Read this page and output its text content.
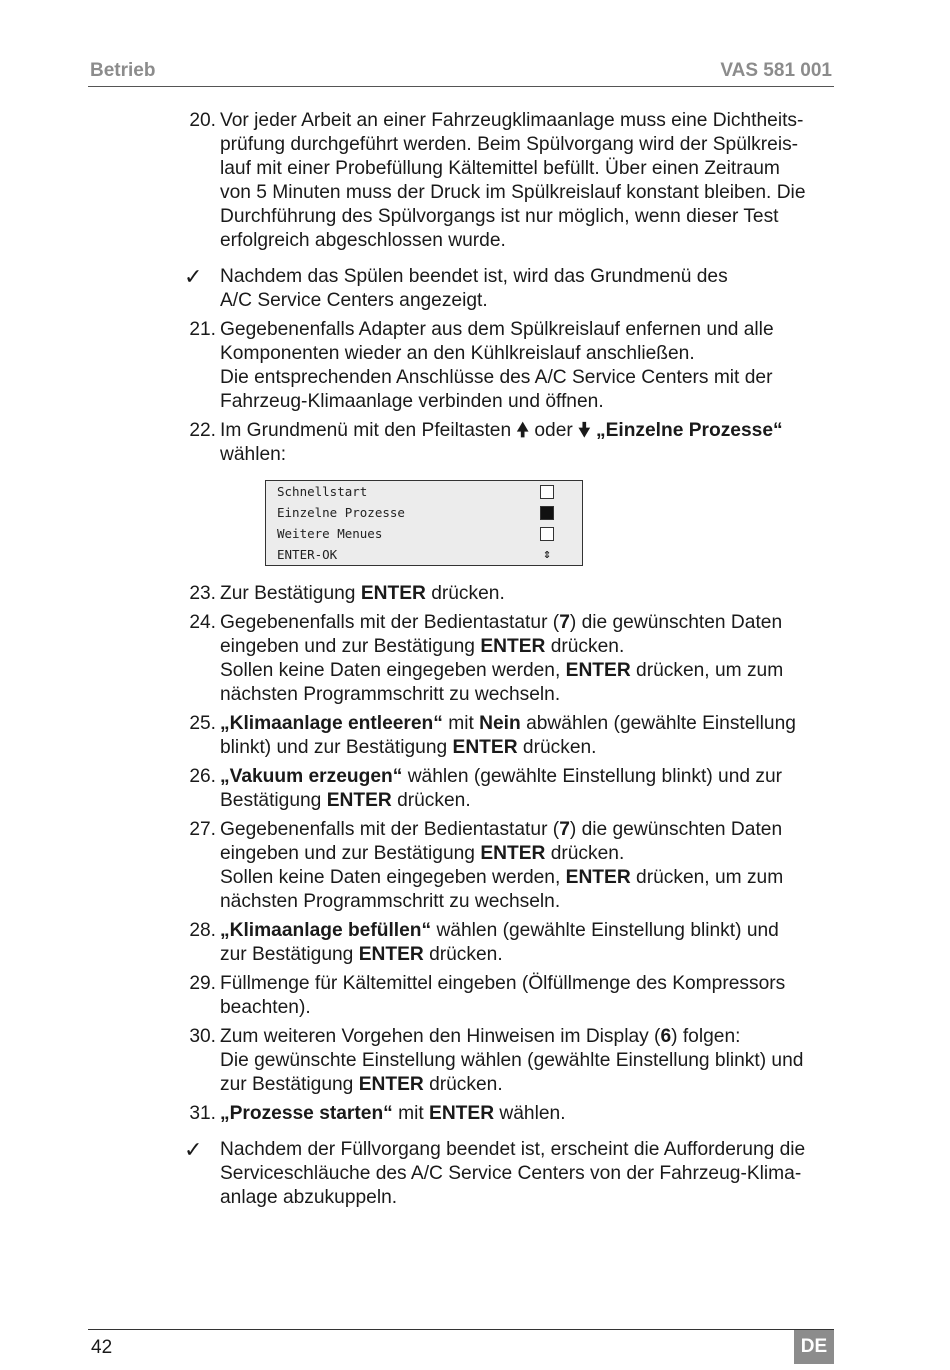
Betrieb	VAS 581 001
20. Vor jeder Arbeit an einer Fahrzeugklimaanlage muss eine Dichtheits-
prüfung durchgeführt werden. Beim Spülvorgang wird der Spülkreis-
lauf mit einer Probefüllung Kältemittel befüllt. Über einen Zeitraum
von 5 Minuten muss der Druck im Spülkreislauf konstant bleiben. Die
Durchführung des Spülvorgangs ist nur möglich, wenn dieser Test
erfolgreich abgeschlossen wurde.
✓ Nachdem das Spülen beendet ist, wird das Grundmenü des
A/C Service Centers angezeigt.
21. Gegebenenfalls Adapter aus dem Spülkreislauf enfernen und alle
Komponenten wieder an den Kühlkreislauf anschließen.
Die entsprechenden Anschlüsse des A/C Service Centers mit der
Fahrzeug-Klimaanlage verbinden und öffnen.
22. Im Grundmenü mit den Pfeiltasten 🠝 oder 🠟 „Einzelne Prozesse“
wählen:
Schnellstart
Einzelne Prozesse
Weitere Menues
ENTER-OK	⇕
23. Zur Bestätigung ENTER drücken.
24. Gegebenenfalls mit der Bedientastatur (7) die gewünschten Daten
eingeben und zur Bestätigung ENTER drücken.
Sollen keine Daten eingegeben werden, ENTER drücken, um zum
nächsten Programmschritt zu wechseln.
25. „Klimaanlage entleeren“ mit Nein abwählen (gewählte Einstellung
blinkt) und zur Bestätigung ENTER drücken.
26. „Vakuum erzeugen“ wählen (gewählte Einstellung blinkt) und zur
Bestätigung ENTER drücken.
27. Gegebenenfalls mit der Bedientastatur (7) die gewünschten Daten
eingeben und zur Bestätigung ENTER drücken.
Sollen keine Daten eingegeben werden, ENTER drücken, um zum
nächsten Programmschritt zu wechseln.
28. „Klimaanlage befüllen“ wählen (gewählte Einstellung blinkt) und
zur Bestätigung ENTER drücken.
29. Füllmenge für Kältemittel eingeben (Ölfüllmenge des Kompressors
beachten).
30. Zum weiteren Vorgehen den Hinweisen im Display (6) folgen:
Die gewünschte Einstellung wählen (gewählte Einstellung blinkt) und
zur Bestätigung ENTER drücken.
31. „Prozesse starten“ mit ENTER wählen.
✓ Nachdem der Füllvorgang beendet ist, erscheint die Aufforderung die
Serviceschläuche des A/C Service Centers von der Fahrzeug-Klima-
anlage abzukuppeln.
42	DE
